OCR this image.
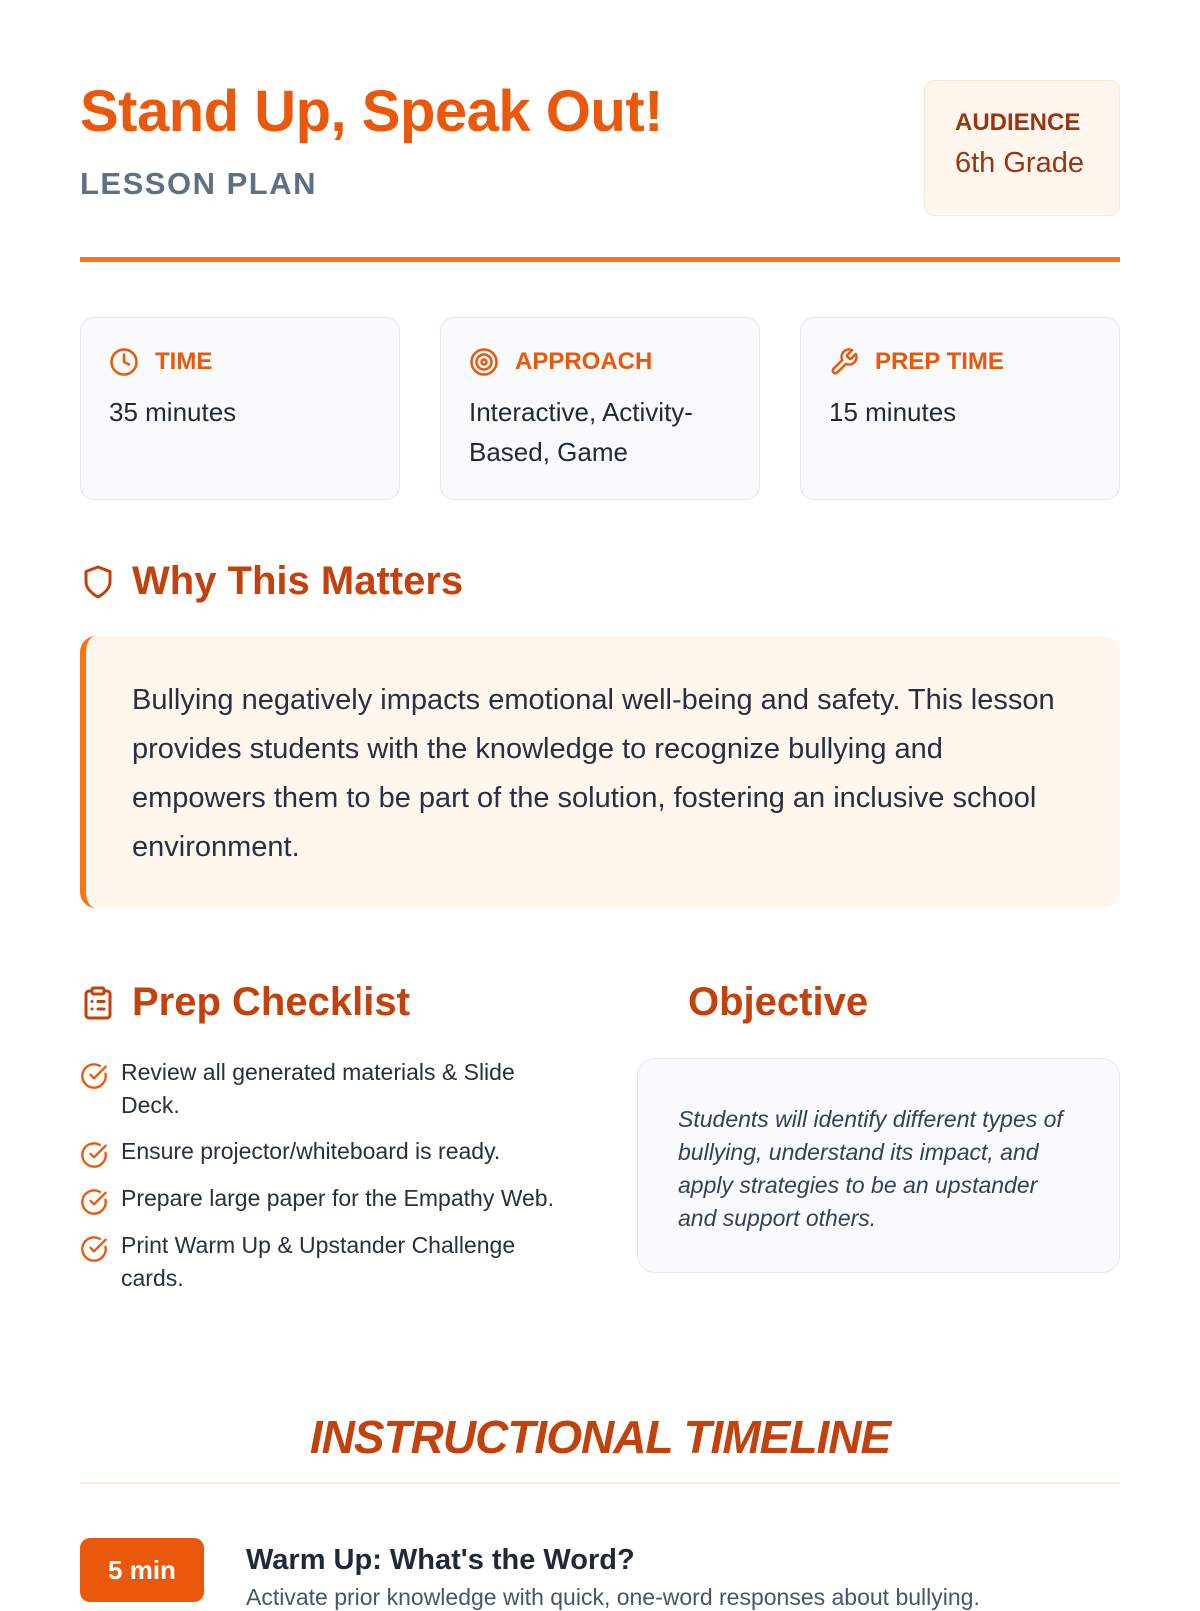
Stand Up, Speak Out!
LESSON PLAN
AUDIENCE
6th Grade
TIME
35 minutes
APPROACH
Interactive, Activity-Based, Game
PREP TIME
15 minutes
Why This Matters
Bullying negatively impacts emotional well-being and safety. This lesson provides students with the knowledge to recognize bullying and empowers them to be part of the solution, fostering an inclusive school environment.
Prep Checklist
Review all generated materials & Slide Deck.
Ensure projector/whiteboard is ready.
Prepare large paper for the Empathy Web.
Print Warm Up & Upstander Challenge cards.
Objective
Students will identify different types of bullying, understand its impact, and apply strategies to be an upstander and support others.
INSTRUCTIONAL TIMELINE
5 min	Warm Up: What's the Word?
Activate prior knowledge with quick, one-word responses about bullying.
